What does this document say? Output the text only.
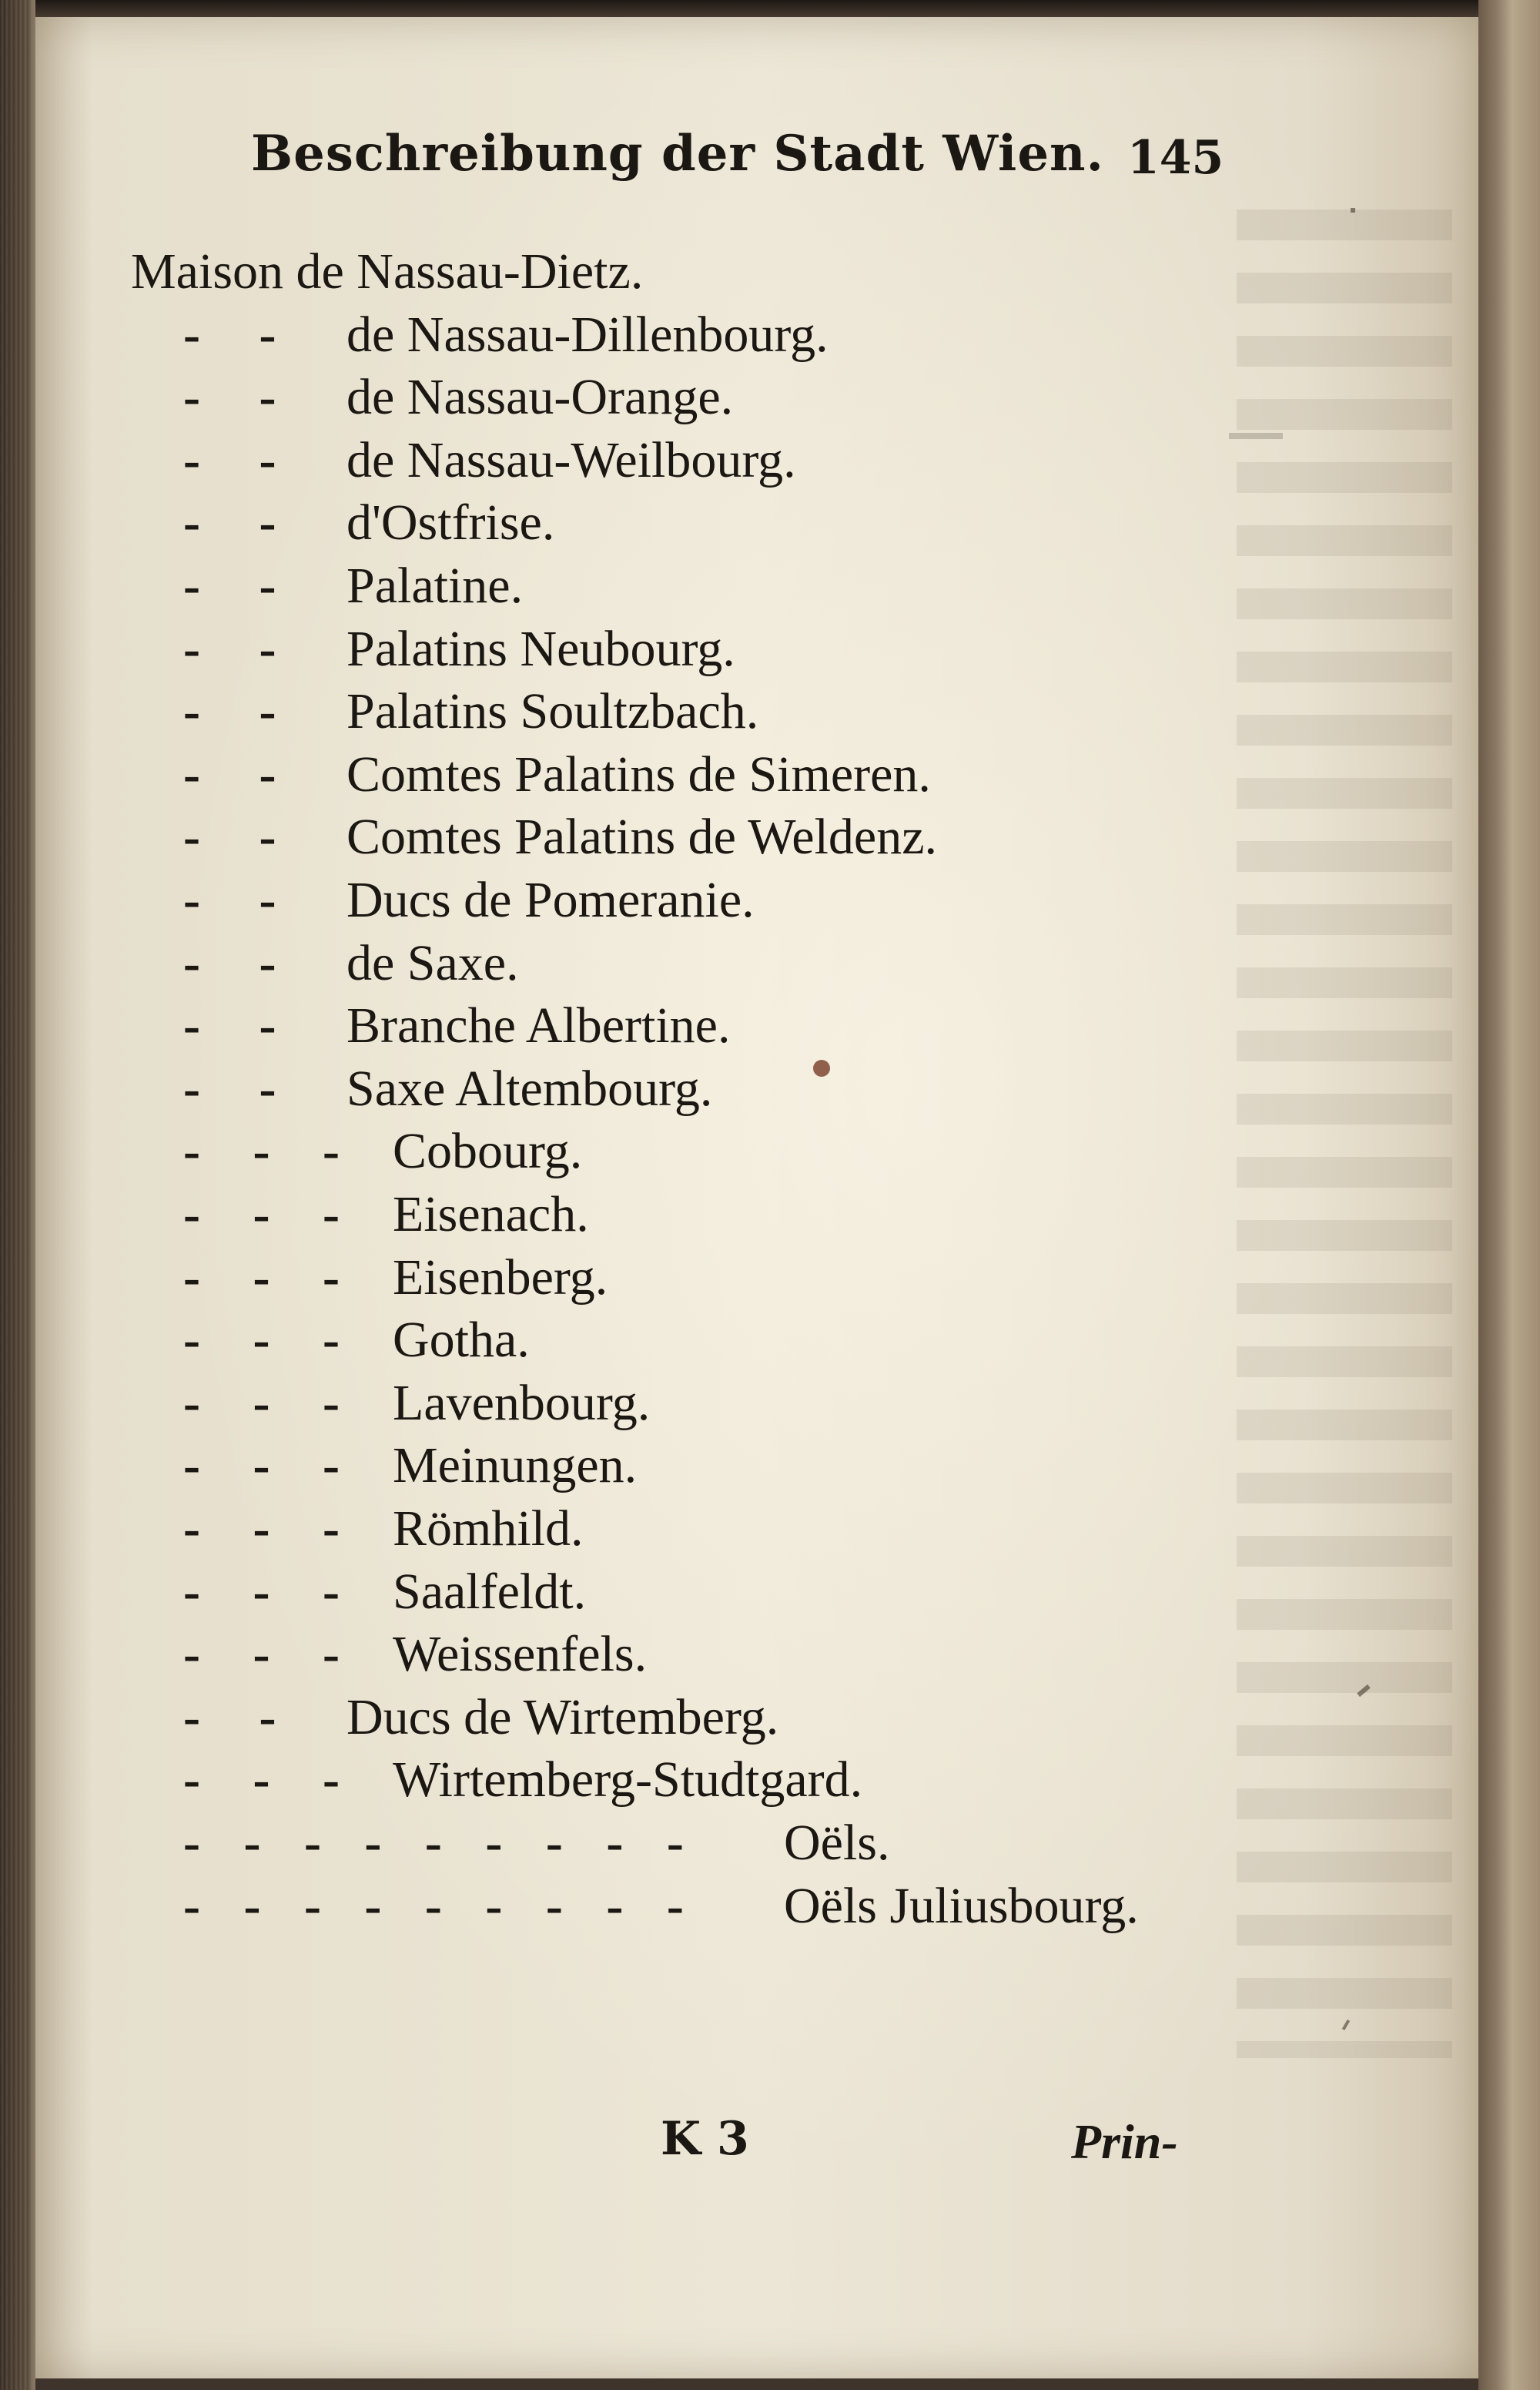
Beschreibung der Stadt Wien. 145
Maison de Nassau-Dietz.
- - de Nassau-Dillenbourg.
- - de Nassau-Orange.
- - de Nassau-Weilbourg.
- - d'Ostfrise.
- - Palatine.
- - Palatins Neubourg.
- - Palatins Soultzbach.
- - Comtes Palatins de Simeren.
- - Comtes Palatins de Weldenz.
- - Ducs de Pomeranie.
- - de Saxe.
- - Branche Albertine.
- - Saxe Altembourg.
- - - Cobourg.
- - - Eisenach.
- - - Eisenberg.
- - - Gotha.
- - - Lavenbourg.
- - - Meinungen.
- - - Römhild.
- - - Saalfeldt.
- - - Weissenfels.
- - Ducs de Wirtemberg.
- - - Wirtemberg-Studtgard.
- - - - - - - - - Oëls.
- - - - - - - - - Oëls Juliusbourg.
K 3	Prin-
